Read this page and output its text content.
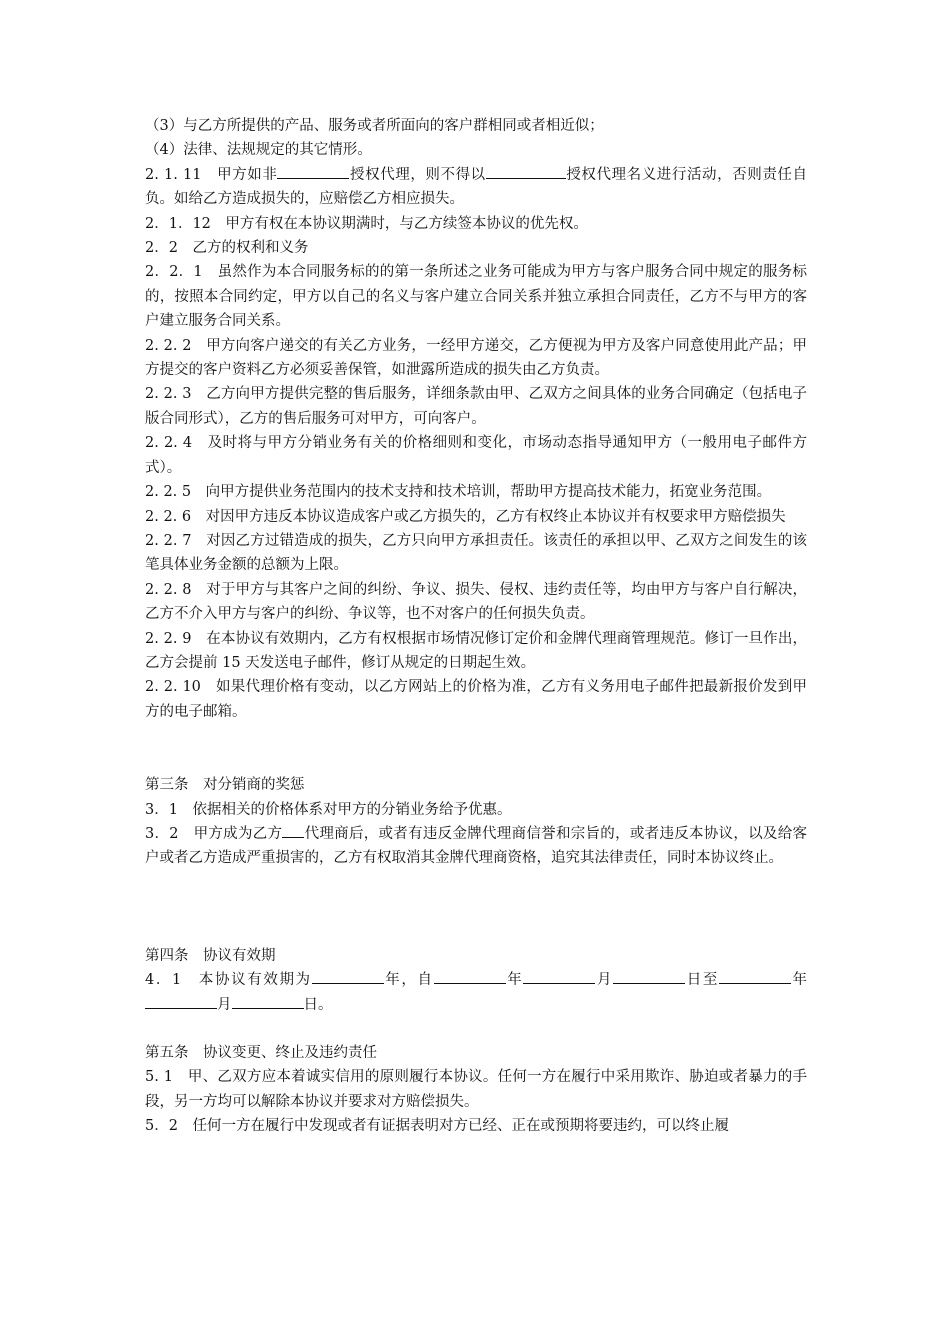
（3）与乙方所提供的产品、服务或者所面向的客户群相同或者相近似；

（4）法律、法规规定的其它情形。

2. 1. 11　甲方如非	授权代理，则不得以	授权代理名义进行活动，否则责任自负。如给乙方造成损失的，应赔偿乙方相应损失。

2．1．12　甲方有权在本协议期满时，与乙方续签本协议的优先权。

2．2　乙方的权利和义务

2．2．1　虽然作为本合同服务标的的第一条所述之业务可能成为甲方与客户服务合同中规定的服务标的，按照本合同约定，甲方以自己的名义与客户建立合同关系并独立承担合同责任，乙方不与甲方的客户建立服务合同关系。

2. 2. 2　甲方向客户递交的有关乙方业务，一经甲方递交，乙方便视为甲方及客户同意使用此产品；甲方提交的客户资料乙方必须妥善保管，如泄露所造成的损失由乙方负责。

2. 2. 3　乙方向甲方提供完整的售后服务，详细条款由甲、乙双方之间具体的业务合同确定（包括电子版合同形式），乙方的售后服务可对甲方，可向客户。

2. 2. 4　及时将与甲方分销业务有关的价格细则和变化，市场动态指导通知甲方（一般用电子邮件方式）。

2. 2. 5　向甲方提供业务范围内的技术支持和技术培训，帮助甲方提高技术能力，拓宽业务范围。

2. 2. 6　对因甲方违反本协议造成客户或乙方损失的，乙方有权终止本协议并有权要求甲方赔偿损失

2. 2. 7　对因乙方过错造成的损失，乙方只向甲方承担责任。该责任的承担以甲、乙双方之间发生的该笔具体业务金额的总额为上限。

2. 2. 8　对于甲方与其客户之间的纠纷、争议、损失、侵权、违约责任等，均由甲方与客户自行解决，乙方不介入甲方与客户的纠纷、争议等，也不对客户的任何损失负责。

2. 2. 9　在本协议有效期内，乙方有权根据市场情况修订定价和金牌代理商管理规范。修订一旦作出，乙方会提前 15 天发送电子邮件，修订从规定的日期起生效。

2. 2. 10　如果代理价格有变动，以乙方网站上的价格为准，乙方有义务用电子邮件把最新报价发到甲方的电子邮箱。

第三条　对分销商的奖惩

3．1　依据相关的价格体系对甲方的分销业务给予优惠。

3．2　甲方成为乙方 代理商后，或者有违反金牌代理商信誉和宗旨的，或者违反本协议，以及给客户或者乙方造成严重损害的，乙方有权取消其金牌代理商资格，追究其法律责任，同时本协议终止。

第四条　协议有效期

4．1　本协议有效期为	年，自	年	月	日至	年月	日。

第五条　协议变更、终止及违约责任

5. 1　甲、乙双方应本着诚实信用的原则履行本协议。任何一方在履行中采用欺诈、胁迫或者暴力的手段，另一方均可以解除本协议并要求对方赔偿损失。

5．2　任何一方在履行中发现或者有证据表明对方已经、正在或预期将要违约，可以终止履
